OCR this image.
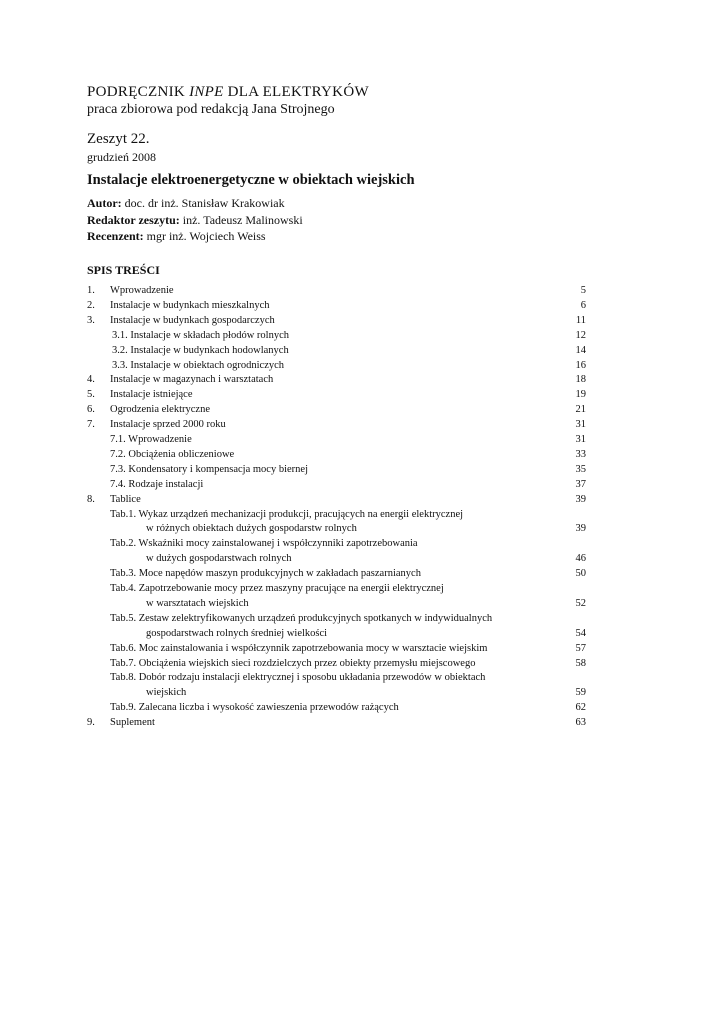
PODRĘCZNIK INPE DLA ELEKTRYKÓW
praca zbiorowa pod redakcją Jana Strojnego
Zeszyt 22.
grudzień 2008
Instalacje elektroenergetyczne w obiektach wiejskich
Autor: doc. dr inż. Stanisław Krakowiak
Redaktor zeszytu: inż. Tadeusz Malinowski
Recenzent: mgr inż. Wojciech Weiss
SPIS TREŚCI
1. Wprowadzenie	5
2. Instalacje w budynkach mieszkalnych	6
3. Instalacje w budynkach gospodarczych	11
3.1. Instalacje w składach płodów rolnych	12
3.2. Instalacje w budynkach hodowlanych	14
3.3. Instalacje w obiektach ogrodniczych	16
4. Instalacje w magazynach i warsztatach	18
5. Instalacje istniejące	19
6. Ogrodzenia elektryczne	21
7. Instalacje sprzed 2000 roku	31
7.1. Wprowadzenie	31
7.2. Obciążenia obliczeniowe	33
7.3. Kondensatory i kompensacja mocy biernej	35
7.4. Rodzaje instalacji	37
8. Tablice	39
Tab.1. Wykaz urządzeń mechanizacji produkcji, pracujących na energii elektrycznej
w różnych obiektach dużych gospodarstw rolnych	39
Tab.2. Wskaźniki mocy zainstalowanej i współczynniki zapotrzebowania
w dużych gospodarstwach rolnych	46
Tab.3. Moce napędów maszyn produkcyjnych w zakładach paszarnianych	50
Tab.4. Zapotrzebowanie mocy przez maszyny pracujące na energii elektrycznej
w warsztatach wiejskich	52
Tab.5. Zestaw zelektryfikowanych urządzeń produkcyjnych spotkanych w indywidualnych
gospodarstwach rolnych średniej wielkości	54
Tab.6. Moc zainstalowania i współczynnik zapotrzebowania mocy w warsztacie wiejskim	57
Tab.7. Obciążenia wiejskich sieci rozdzielczych przez obiekty przemysłu miejscowego	58
Tab.8. Dobór rodzaju instalacji elektrycznej i sposobu układania przewodów w obiektach
wiejskich	59
Tab.9. Zalecana liczba i wysokość zawieszenia przewodów rażących	62
9. Suplement	63
